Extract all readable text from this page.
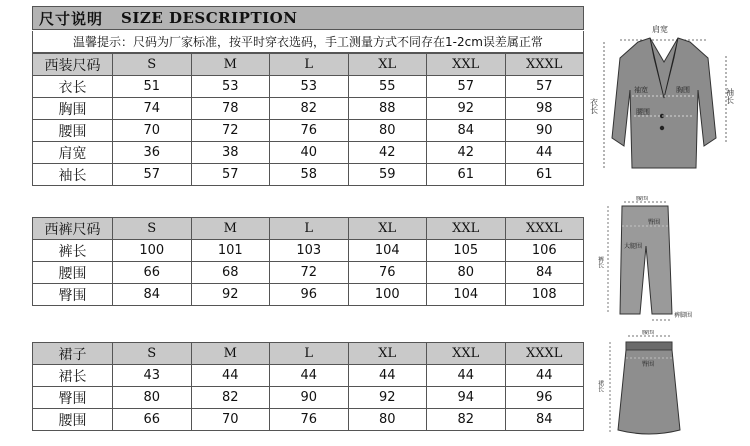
尺寸说明 SIZE DESCRIPTION
温馨提示：尺码为厂家标准，按平时穿衣选码，手工测量方式不同存在1-2cm误差属正常
西装尺码	S	M	L	XL	XXL	XXXL
衣长	51	53	53	55	57	57
胸围	74	78	82	88	92	98
腰围	70	72	76	80	84	90
肩宽	36	38	40	42	42	44
袖长	57	57	58	59	61	61
西裤尺码	S	M	L	XL	XXL	XXXL
裤长	100	101	103	104	105	106
腰围	66	68	72	76	80	84
臀围	84	92	96	100	104	108
裙子	S	M	L	XL	XXL	XXXL
裙长	43	44	44	44	44	44
臀围	80	82	90	92	94	96
腰围	66	70	76	80	82	84
肩宽
袖宽	胸围
腰围
衣长
袖长
腰围
臀围
大腿围
裤长
裤脚围
腰围
臀围
裙长
